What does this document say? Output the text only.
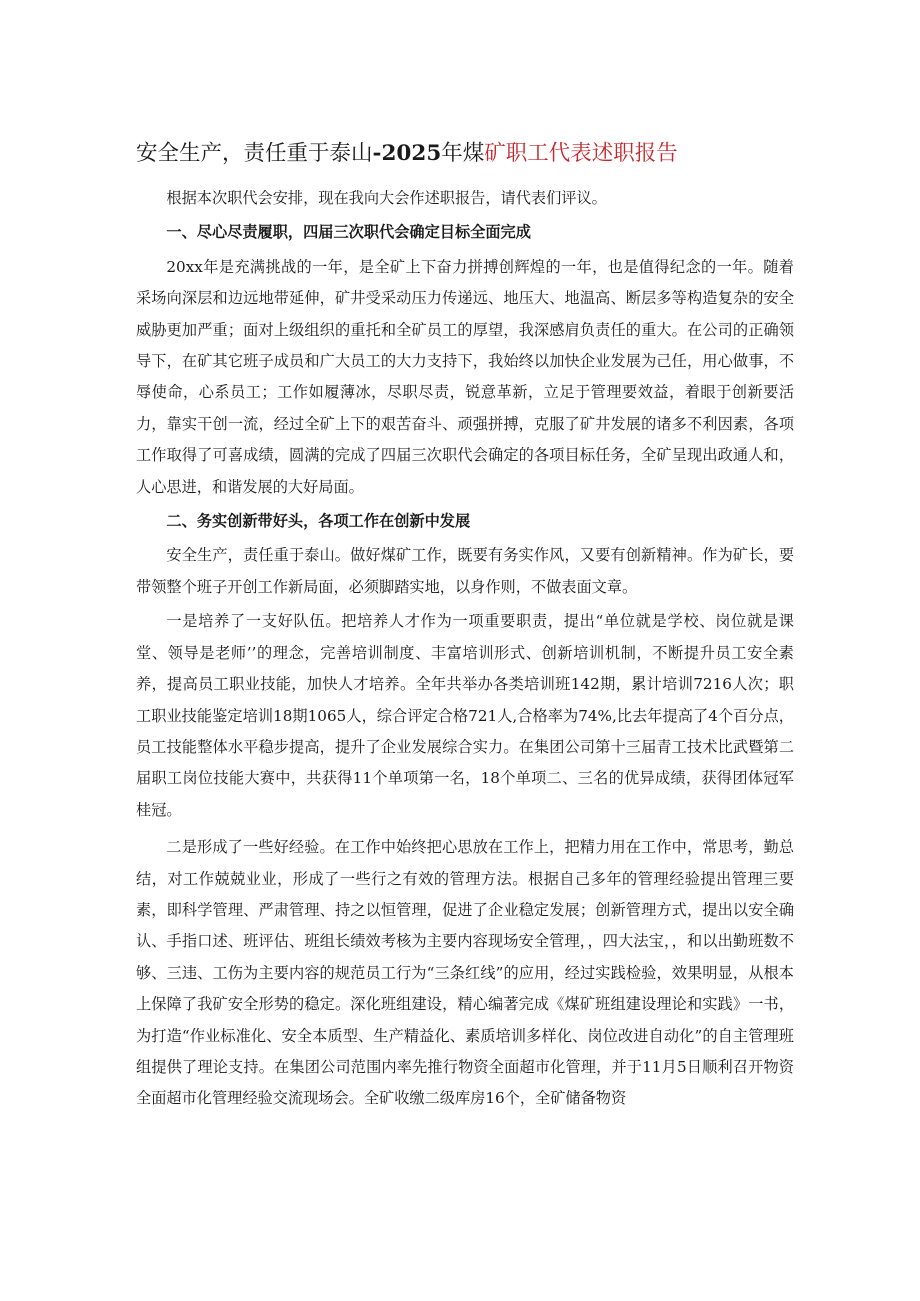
安全生产，责任重于泰山-2025年煤矿职工代表述职报告

根据本次职代会安排，现在我向大会作述职报告，请代表们评议。

一、尽心尽责履职，四届三次职代会确定目标全面完成

20xx年是充满挑战的一年，是全矿上下奋力拼搏创辉煌的一年，也是值得纪念的一年。随着采场向深层和边远地带延伸，矿井受采动压力传递远、地压大、地温高、断层多等构造复杂的安全威胁更加严重；面对上级组织的重托和全矿员工的厚望，我深感肩负责任的重大。在公司的正确领导下，在矿其它班子成员和广大员工的大力支持下，我始终以加快企业发展为己任，用心做事，不辱使命，心系员工；工作如履薄冰，尽职尽责，锐意革新，立足于管理要效益，着眼于创新要活力，靠实干创一流，经过全矿上下的艰苦奋斗、顽强拼搏，克服了矿井发展的诸多不利因素，各项工作取得了可喜成绩，圆满的完成了四届三次职代会确定的各项目标任务，全矿呈现出政通人和，人心思进，和谐发展的大好局面。

二、务实创新带好头，各项工作在创新中发展

安全生产，责任重于泰山。做好煤矿工作，既要有务实作风，又要有创新精神。作为矿长，要带领整个班子开创工作新局面，必须脚踏实地，以身作则，不做表面文章。

一是培养了一支好队伍。把培养人才作为一项重要职责，提出“单位就是学校、岗位就是课堂、领导是老师’’的理念，完善培训制度、丰富培训形式、创新培训机制，不断提升员工安全素养，提高员工职业技能，加快人才培养。全年共举办各类培训班142期，累计培训7216人次；职工职业技能鉴定培训18期1065人，综合评定合格721人,合格率为74%,比去年提高了4个百分点，员工技能整体水平稳步提高，提升了企业发展综合实力。在集团公司第十三届青工技术比武暨第二届职工岗位技能大赛中，共获得11个单项第一名，18个单项二、三名的优异成绩，获得团体冠军桂冠。

二是形成了一些好经验。在工作中始终把心思放在工作上，把精力用在工作中，常思考，勤总结，对工作兢兢业业，形成了一些行之有效的管理方法。根据自己多年的管理经验提出管理三要素，即科学管理、严肃管理、持之以恒管理，促进了企业稳定发展；创新管理方式，提出以安全确认、手指口述、班评估、班组长绩效考核为主要内容现场安全管理，，四大法宝，，和以出勤班数不够、三违、工伤为主要内容的规范员工行为“三条红线”的应用，经过实践检验，效果明显，从根本上保障了我矿安全形势的稳定。深化班组建设，精心编著完成《煤矿班组建设理论和实践》一书，为打造“作业标准化、安全本质型、生产精益化、素质培训多样化、岗位改进自动化”的自主管理班组提供了理论支持。在集团公司范围内率先推行物资全面超市化管理，并于11月5日顺利召开物资全面超市化管理经验交流现场会。全矿收缴二级库房16个，全矿储备物资
